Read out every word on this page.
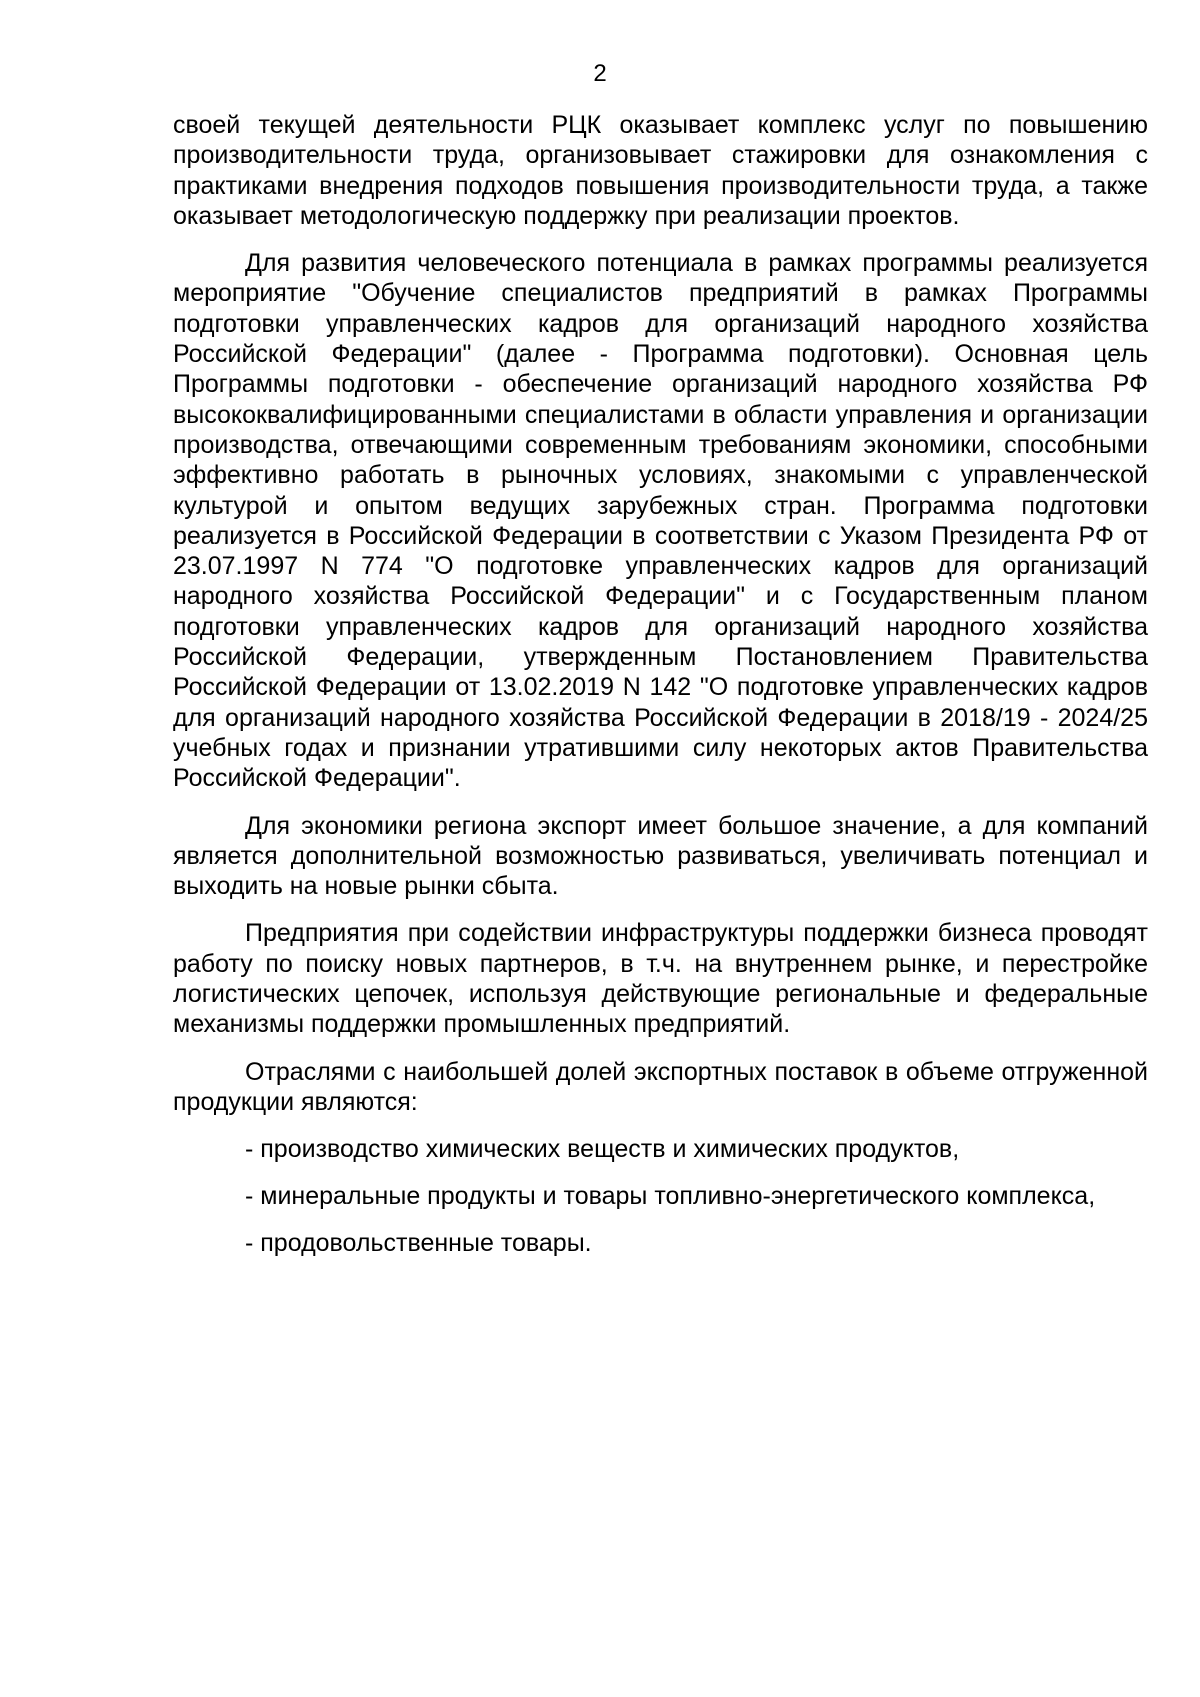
2

своей текущей деятельности РЦК оказывает комплекс услуг по повышению производительности труда, организовывает стажировки для ознакомления с практиками внедрения подходов повышения производительности труда, а также оказывает методологическую поддержку при реализации проектов.

Для развития человеческого потенциала в рамках программы реализуется мероприятие "Обучение специалистов предприятий в рамках Программы подготовки управленческих кадров для организаций народного хозяйства Российской Федерации" (далее - Программа подготовки). Основная цель Программы подготовки - обеспечение организаций народного хозяйства РФ высококвалифицированными специалистами в области управления и организации производства, отвечающими современным требованиям экономики, способными эффективно работать в рыночных условиях, знакомыми с управленческой культурой и опытом ведущих зарубежных стран. Программа подготовки реализуется в Российской Федерации в соответствии с Указом Президента РФ от 23.07.1997 N 774 "О подготовке управленческих кадров для организаций народного хозяйства Российской Федерации" и с Государственным планом подготовки управленческих кадров для организаций народного хозяйства Российской Федерации, утвержденным Постановлением Правительства Российской Федерации от 13.02.2019 N 142 "О подготовке управленческих кадров для организаций народного хозяйства Российской Федерации в 2018/19 - 2024/25 учебных годах и признании утратившими силу некоторых актов Правительства Российской Федерации".

Для экономики региона экспорт имеет большое значение, а для компаний является дополнительной возможностью развиваться, увеличивать потенциал и выходить на новые рынки сбыта.

Предприятия при содействии инфраструктуры поддержки бизнеса проводят работу по поиску новых партнеров, в т.ч. на внутреннем рынке, и перестройке логистических цепочек, используя действующие региональные и федеральные механизмы поддержки промышленных предприятий.

Отраслями с наибольшей долей экспортных поставок в объеме отгруженной продукции являются:

- производство химических веществ и химических продуктов,
- минеральные продукты и товары топливно-энергетического комплекса,
- продовольственные товары.
